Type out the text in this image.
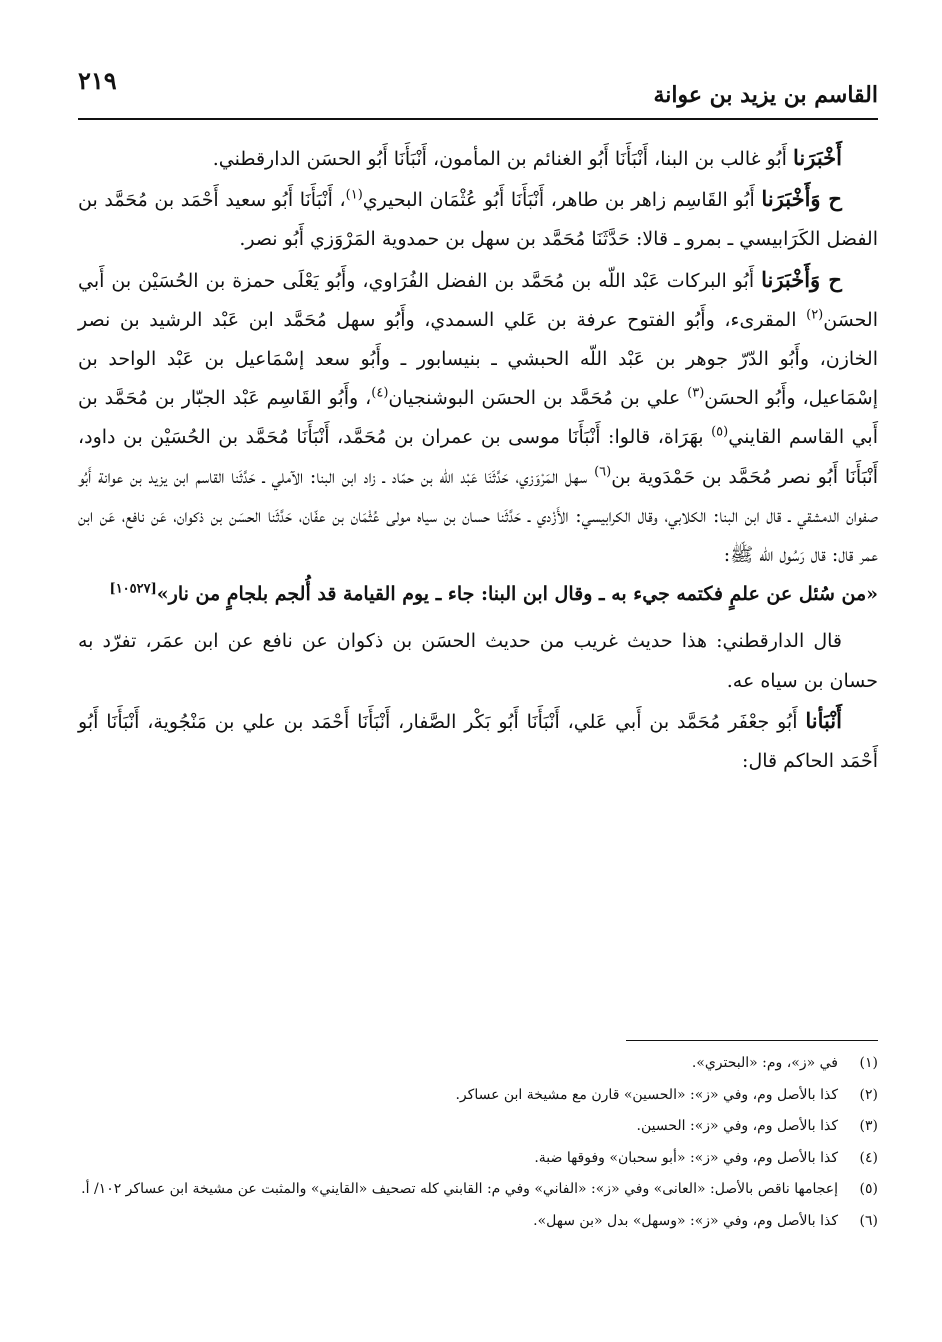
٢١٩	القاسم بن يزيد بن عوانة

أَخْبَرَنا أَبُو غالب بن البنا، أَنْبَأَنَا أَبُو الغنائم بن المأمون، أَنْبَأَنَا أَبُو الحسَن الدارقطني.

ح وَأَخْبَرَنا أَبُو القَاسِم زاهر بن طاهر، أَنْبَأَنَا أَبُو عُثْمَان البحيري$^{(١)}$، أَنْبَأَنَا أَبُو سعيد أَحْمَد بن مُحَمَّد بن الفضل الكَرَابيسي ـ بمرو ـ قالا: حَدَّثَنَا مُحَمَّد بن سهل بن حمدوية المَرْوَزي أَبُو نصر.

ح وَأَخْبَرَنا أَبُو البركات عَبْد اللّه بن مُحَمَّد بن الفضل الفُرَاوي، وأَبُو يَعْلَى حمزة بن الحُسَيْن بن أَبي الحسَن$^{(٢)}$ المقرىء، وأَبُو الفتوح عرفة بن عَلي السمدي، وأَبُو سهل مُحَمَّد ابن عَبْد الرشيد بن نصر الخازن، وأَبُو الدّرّ جوهر بن عَبْد اللّه الحبشي ـ بنيسابور ـ وأَبُو سعد إسْمَاعيل بن عَبْد الواحد بن إسْمَاعيل، وأَبُو الحسَن$^{(٣)}$ علي بن مُحَمَّد بن الحسَن البوشنجيان$^{(٤)}$، وأَبُو القَاسِم عَبْد الجبّار بن مُحَمَّد بن أَبي القاسم القايني$^{(٥)}$ بهَرَاة، قالوا: أَنْبَأَنَا موسى بن عمران بن مُحَمَّد، أَنْبَأَنَا مُحَمَّد بن الحُسَيْن بن داود، أَنْبَأَنَا أَبُو نصر مُحَمَّد بن حَمْدَوية بن$^{(٦)}$ سهل المَرْوَزي، حَدَّثَنَا عَبْد اللّه بن حمّاد ـ زاد ابن البنا: الآملي ـ حَدَّثَنا القاسم ابن يزيد بن عوانة أَبُو صفوان الدمشقي ـ قال ابن البنا: الكلابي، وقال الكرابيسي: الأَزْدي ـ حَدَّثَنا حسان بن سياه مولى عُثْمَان بن عفّان، حَدَّثَنا الحسَن بن ذكوان، عَن نافع، عَن ابن عمر قال: قال رَسُول اللّه ﷺ:

«من سُئل عن علمٍ فكتمه جيء به ـ وقال ابن البنا: جاء ـ يوم القيامة قد أُلجم بلجامٍ من نار»[١٠٥٢٧]

قال الدارقطني: هذا حديث غريب من حديث الحسَن بن ذكوان عن نافع عن ابن عمَر، تفرّد به حسان بن سياه عه.

أَنْبَأنا أَبُو جعْفَر مُحَمَّد بن أَبي عَلي، أَنْبَأَنَا أَبُو بَكْر الصَّفار، أَنْبَأَنَا أَحْمَد بن علي بن مَنْجُوية، أَنْبَأَنَا أَبُو أَحْمَد الحاكم قال:

(١)
في «ز»، وم: «البحتري».
(٢)
كذا بالأصل وم، وفي «ز»: «الحسين» قارن مع مشيخة ابن عساكر.
(٣)
كذا بالأصل وم، وفي «ز»: الحسين.
(٤)
كذا بالأصل وم، وفي «ز»: «أبو سحبان» وفوقها ضبة.
(٥)
إعجامها ناقص بالأصل: «العانى» وفي «ز»: «الفاني» وفي م: القابني كله تصحيف «القايني» والمثبت عن مشيخة ابن عساكر ١٠٢/ أ.
(٦)
كذا بالأصل وم، وفي «ز»: «وسهل» بدل «بن سهل».
